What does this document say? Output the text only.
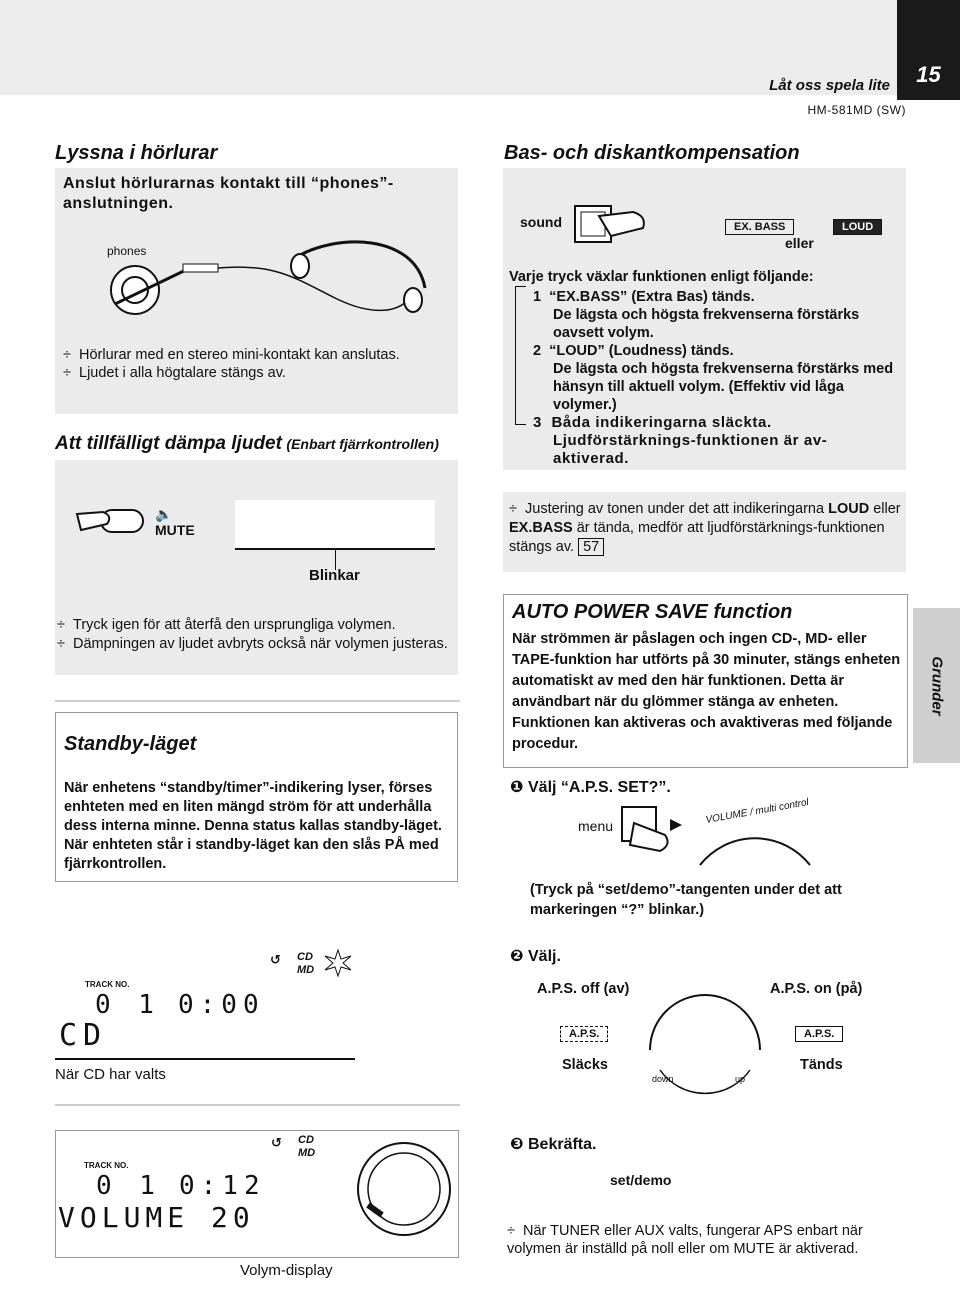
15
Låt oss spela lite
HM-581MD (SW)
Lyssna i hörlurar
Anslut hörlurarnas kontakt till “phones”-anslutningen.
phones
÷ Hörlurar med en stereo mini-kontakt kan anslutas.
÷ Ljudet i alla högtalare stängs av.
Att tillfälligt dämpa ljudet (Enbart fjärrkontrollen)
🔈
MUTE
Blinkar
÷ Tryck igen för att återfå den ursprungliga volymen.
÷ Dämpningen av ljudet avbryts också när volymen justeras.
Standby-läget
När enhetens “standby/timer”-indikering lyser, förses enhteten med en liten mängd ström för att underhålla dess interna minne. Denna status kallas standby-läget. När enhteten står i standby-läget kan den slås PÅ med fjärrkontrollen.
TRACK NO.
0 1 0:00
CD
↺ CD
MD
När CD har valts
TRACK NO.
0 1 0:12
VOLUME 20
↺ CD
MD
Volym-display
Bas- och diskantkompensation
sound	EX. BASS	LOUD
eller
Varje tryck växlar funktionen enligt följande:
1 “EX.BASS” (Extra Bas) tänds.
De lägsta och högsta frekvenserna förstärks oavsett volym.
2 “LOUD” (Loudness) tänds.
De lägsta och högsta frekvenserna förstärks med hänsyn till aktuell volym. (Effektiv vid låga volymer.)
3 Båda indikeringarna släckta.
Ljudförstärknings-funktionen är av-aktiverad.
÷ Justering av tonen under det att indikeringarna LOUD eller EX.BASS är tända, medför att ljudförstärknings-funktionen stängs av. 57
AUTO POWER SAVE function
När strömmen är påslagen och ingen CD-, MD- eller TAPE-funktion har utförts på 30 minuter, stängs enheten automatiskt av med den här funktionen. Detta är användbart när du glömmer stänga av enheten. Funktionen kan aktiveras och avaktiveras med följande procedur.
❶ Välj “A.P.S. SET?”.
menu
VOLUME / multi control
(Tryck på “set/demo”-tangenten under det att markeringen “?” blinkar.)
❷ Välj.
A.P.S. off (av)	A.P.S. on (på)
down	up
A.P.S.	A.P.S.
Släcks	Tänds
❸ Bekräfta.
set/demo
÷ När TUNER eller AUX valts, fungerar APS enbart när volymen är inställd på noll eller om MUTE är aktiverad.
Grunder
